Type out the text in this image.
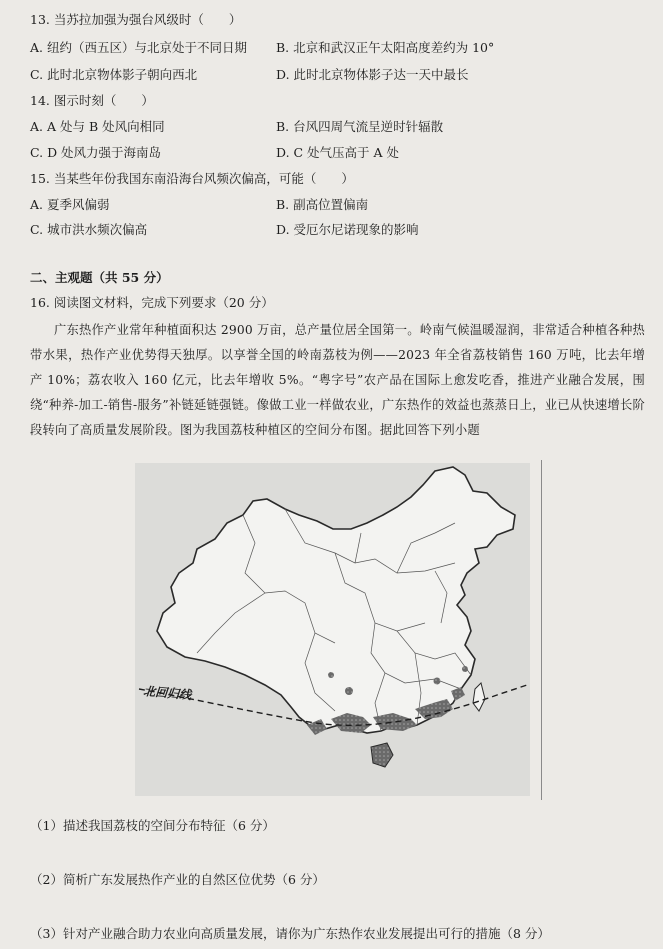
13. 当苏拉加强为强台风级时（　　）
A. 纽约（西五区）与北京处于不同日期 B. 北京和武汉正午太阳高度差约为 10°
C. 此时北京物体影子朝向西北	D. 此时北京物体影子达一天中最长
14. 图示时刻（　　）
A. A 处与 B 处风向相同	B. 台风四周气流呈逆时针辐散
C. D 处风力强于海南岛	D. C 处气压高于 A 处
15. 当某些年份我国东南沿海台风频次偏高，可能（　　）
A. 夏季风偏弱	B. 副高位置偏南
C. 城市洪水频次偏高	D. 受厄尔尼诺现象的影响
二、主观题（共 55 分）
16. 阅读图文材料，完成下列要求（20 分）
广东热作产业常年种植面积达 2900 万亩，总产量位居全国第一。岭南气候温暖湿润，非常适合种植各种热带水果，热作产业优势得天独厚。以享誉全国的岭南荔枝为例——2023 年全省荔枝销售 160 万吨，比去年增产 10%；荔农收入 160 亿元，比去年增收 5%。“粤字号”农产品在国际上愈发吃香，推进产业融合发展，围绕“种养-加工-销售-服务”补链延链强链。像做工业一样做农业，广东热作的效益也蒸蒸日上，业已从快速增长阶段转向了高质量发展阶段。图为我国荔枝种植区的空间分布图。据此回答下列小题
北回归线
（1）描述我国荔枝的空间分布特征（6 分）
（2）简析广东发展热作产业的自然区位优势（6 分）
（3）针对产业融合助力农业向高质量发展，请你为广东热作农业发展提出可行的措施（8 分）
